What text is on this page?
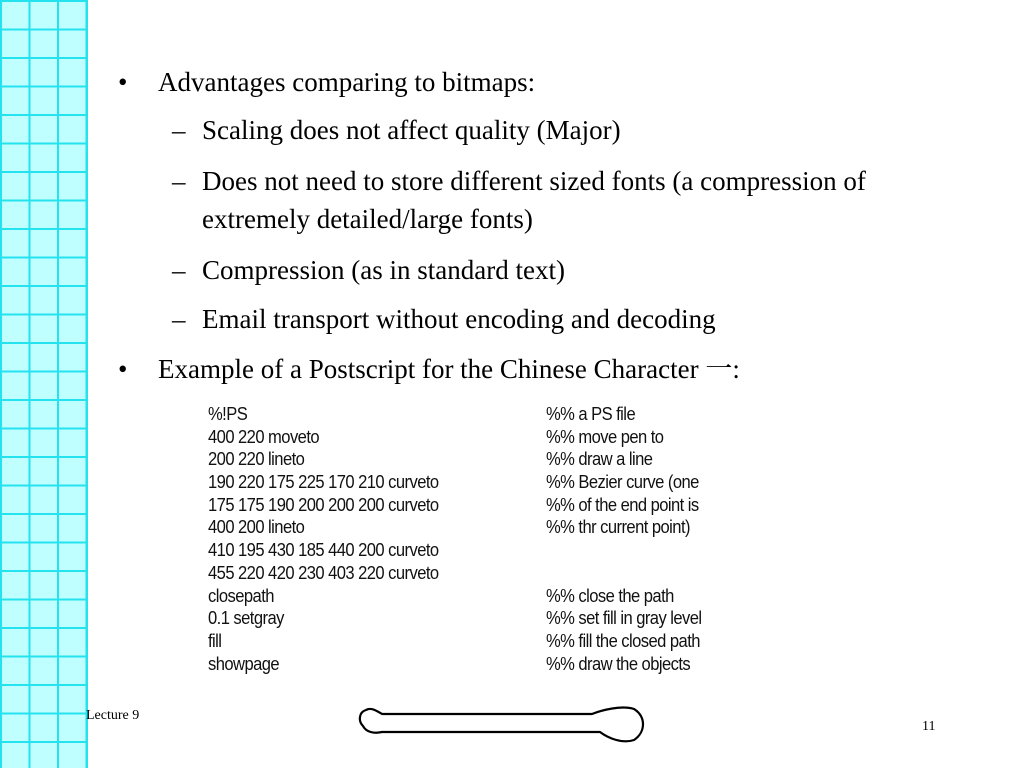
•	Advantages comparing to bitmaps:
– Scaling does not affect quality (Major)
– Does not need to store different sized fonts (a compression of extremely detailed/large fonts)
– Compression (as in standard text)
– Email transport without encoding and decoding
•	Example of a Postscript for the Chinese Character 一:
%!PS	%% a PS file
400 220 moveto	%% move pen to
200 220 lineto	%% draw a line
190 220 175 225 170 210 curveto	%% Bezier curve (one
175 175 190 200 200 200 curveto	%% of the end point is
400 200 lineto	%% thr current point)
410 195 430 185 440 200 curveto
455 220 420 230 403 220 curveto
closepath	%% close the path
0.1 setgray	%% set fill in gray level
fill	%% fill the closed path
showpage	%% draw the objects
Lecture 9
11
